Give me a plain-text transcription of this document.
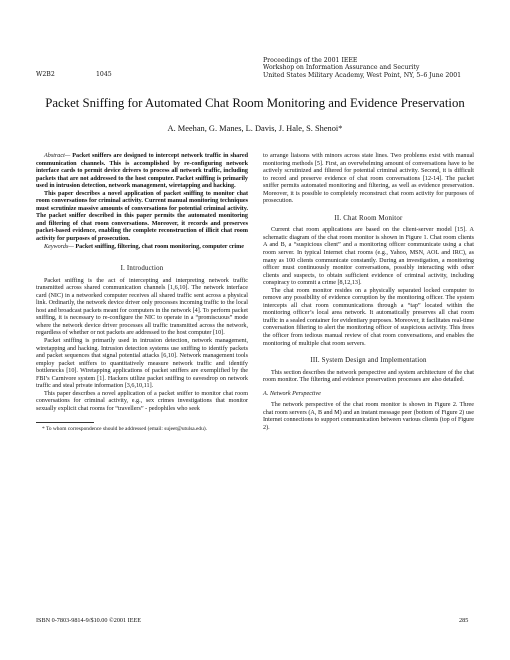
W2B2	1045
Proceedings of the 2001 IEEE
Workshop on Information Assurance and Security
United States Military Academy, West Point, NY, 5–6 June 2001
Packet Sniffing for Automated Chat Room Monitoring and Evidence Preservation
A. Meehan, G. Manes, L. Davis, J. Hale, S. Shenoi*

Abstract— Packet sniffers are designed to intercept network traffic in shared communication channels. This is accomplished by re-configuring network interface cards to permit device drivers to process all network traffic, including packets that are not addressed to the host computer. Packet sniffing is primarily used in intrusion detection, network management, wiretapping and hacking.

This paper describes a novel application of packet sniffing to monitor chat room conversations for criminal activity. Current manual monitoring techniques must scrutinize massive amounts of conversations for potential criminal activity. The packet sniffer described in this paper permits the automated monitoring and filtering of chat room conversations. Moreover, it records and preserves packet-based evidence, enabling the complete reconstruction of illicit chat room activity for purposes of prosecution.

Keywords— Packet sniffing, filtering, chat room monitoring, computer crime

I. Introduction

Packet sniffing is the act of intercepting and interpreting network traffic transmitted across shared communication channels [1,6,10]. The network interface card (NIC) in a networked computer receives all shared traffic sent across a physical link. Ordinarily, the network device driver only processes incoming traffic to the local host and broadcast packets meant for computers in the network [4]. To perform packet sniffing, it is necessary to re-configure the NIC to operate in a “promiscuous” mode where the network device driver processes all traffic transmitted across the network, regardless of whether or not packets are addressed to the host computer [10].

Packet sniffing is primarily used in intrusion detection, network management, wiretapping and hacking. Intrusion detection systems use sniffing to identify packets and packet sequences that signal potential attacks [6,10]. Network management tools employ packet sniffers to quantitatively measure network traffic and identify bottlenecks [10]. Wiretapping applications of packet sniffers are exemplified by the FBI’s Carnivore system [1]. Hackers utilize packet sniffing to eavesdrop on network traffic and steal private information [3,6,10,11].

This paper describes a novel application of a packet sniffer to monitor chat room conversations for criminal activity, e.g., sex crimes investigations that monitor sexually explicit chat rooms for “travellers” - pedophiles who seek

* To whom correspondence should be addressed (email: sujeet@utulsa.edu).

to arrange liaisons with minors across state lines. Two problems exist with manual monitoring methods [5]. First, an overwhelming amount of conversations have to be actively scrutinized and filtered for potential criminal activity. Second, it is difficult to record and preserve evidence of chat room conversations [12-14]. The packet sniffer permits automated monitoring and filtering, as well as evidence preservation. Moreover, it is possible to completely reconstruct chat room activity for purposes of prosecution.

II. Chat Room Monitor

Current chat room applications are based on the client-server model [15]. A schematic diagram of the chat room monitor is shown in Figure 1. Chat room clients A and B, a “suspicious client” and a monitoring officer communicate using a chat room server. In typical Internet chat rooms (e.g., Yahoo, MSN, AOL and IRC), as many as 100 clients communicate constantly. During an investigation, a monitoring officer must continuously monitor conversations, possibly interacting with other clients and suspects, to obtain sufficient evidence of criminal activity, including conspiracy to commit a crime [8,12,13].

The chat room monitor resides on a physically separated locked computer to remove any possibility of evidence corruption by the monitoring officer. The system intercepts all chat room communications through a “tap” located within the monitoring officer’s local area network. It automatically preserves all chat room traffic in a sealed container for evidentiary purposes. Moreover, it facilitates real-time conversation filtering to alert the monitoring officer of suspicious activity. This frees the officer from tedious manual review of chat room conversations, and enables the monitoring of multiple chat room servers.

III. System Design and Implementation

This section describes the network perspective and system architecture of the chat room monitor. The filtering and evidence preservation processes are also detailed.

A. Network Perspective

The network perspective of the chat room monitor is shown in Figure 2. Three chat room servers (A, B and M) and an instant message peer (bottom of Figure 2) use Internet connections to support communication between various clients (top of Figure 2).

ISBN 0-7803-9814-9/$10.00 ©2001 IEEE	285
